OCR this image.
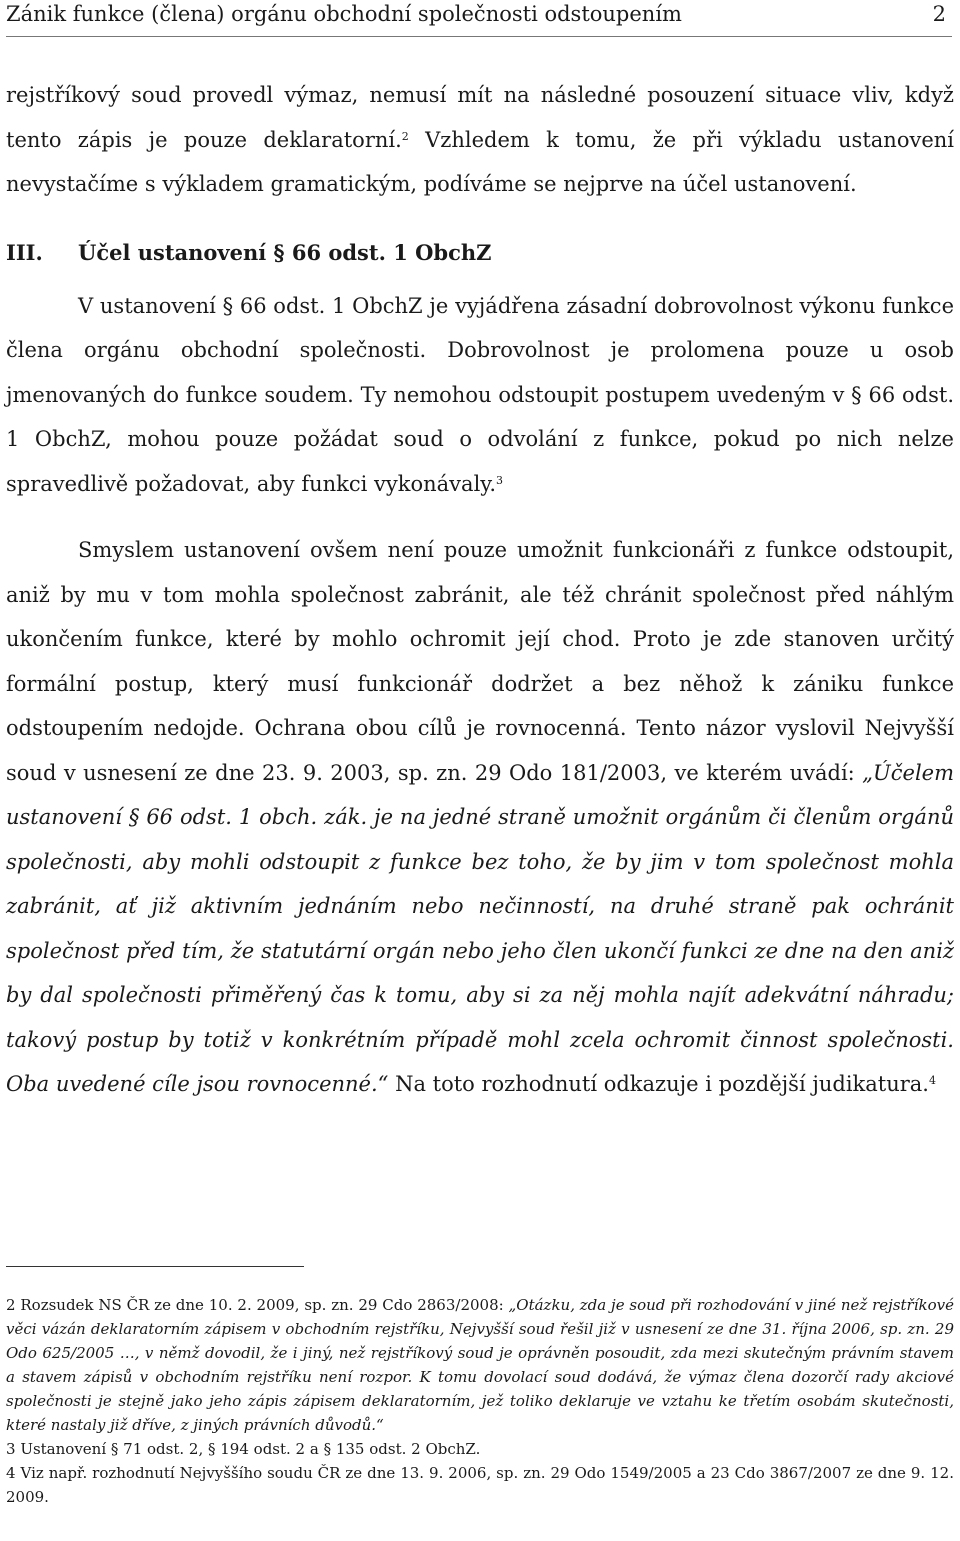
Zánik funkce (člena) orgánu obchodní společnosti odstoupením	2

rejstříkový soud provedl výmaz, nemusí mít na následné posouzení situace vliv, když tento zápis je pouze deklaratorní.$^2$ Vzhledem k tomu, že při výkladu ustanovení nevystačíme s výkladem gramatickým, podíváme se nejprve na účel ustanovení.

III. Účel ustanovení § 66 odst. 1 ObchZ

V ustanovení § 66 odst. 1 ObchZ je vyjádřena zásadní dobrovolnost výkonu funkce člena orgánu obchodní společnosti. Dobrovolnost je prolomena pouze u osob jmenovaných do funkce soudem. Ty nemohou odstoupit postupem uvedeným v § 66 odst. 1 ObchZ, mohou pouze požádat soud o odvolání z funkce, pokud po nich nelze spravedlivě požadovat, aby funkci vykonávaly.$^3$

Smyslem ustanovení ovšem není pouze umožnit funkcionáři z funkce odstoupit, aniž by mu v tom mohla společnost zabránit, ale též chránit společnost před náhlým ukončením funkce, které by mohlo ochromit její chod. Proto je zde stanoven určitý formální postup, který musí funkcionář dodržet a bez něhož k zániku funkce odstoupením nedojde. Ochrana obou cílů je rovnocenná. Tento názor vyslovil Nejvyšší soud v usnesení ze dne 23. 9. 2003, sp. zn. 29 Odo 181/2003, ve kterém uvádí: „Účelem ustanovení § 66 odst. 1 obch. zák. je na jedné straně umožnit orgánům či členům orgánů společnosti, aby mohli odstoupit z funkce bez toho, že by jim v tom společnost mohla zabránit, ať již aktivním jednáním nebo nečinností, na druhé straně pak ochránit společnost před tím, že statutární orgán nebo jeho člen ukončí funkci ze dne na den aniž by dal společnosti přiměřený čas k tomu, aby si za něj mohla najít adekvátní náhradu; takový postup by totiž v konkrétním případě mohl zcela ochromit činnost společnosti. Oba uvedené cíle jsou rovnocenné.“ Na toto rozhodnutí odkazuje i pozdější judikatura.$^4$

2 Rozsudek NS ČR ze dne 10. 2. 2009, sp. zn. 29 Cdo 2863/2008: „Otázku, zda je soud při rozhodování v jiné než rejstříkové věci vázán deklaratorním zápisem v obchodním rejstříku, Nejvyšší soud řešil již v usnesení ze dne 31. října 2006, sp. zn. 29 Odo 625/2005 …, v němž dovodil, že i jiný, než rejstříkový soud je oprávněn posoudit, zda mezi skutečným právním stavem a stavem zápisů v obchodním rejstříku není rozpor. K tomu dovolací soud dodává, že výmaz člena dozorčí rady akciové společnosti je stejně jako jeho zápis zápisem deklaratorním, jež toliko deklaruje ve vztahu ke třetím osobám skutečnosti, které nastaly již dříve, z jiných právních důvodů.“

3 Ustanovení § 71 odst. 2, § 194 odst. 2 a § 135 odst. 2 ObchZ.

4 Viz např. rozhodnutí Nejvyššího soudu ČR ze dne 13. 9. 2006, sp. zn. 29 Odo 1549/2005 a 23 Cdo 3867/2007 ze dne 9. 12. 2009.
